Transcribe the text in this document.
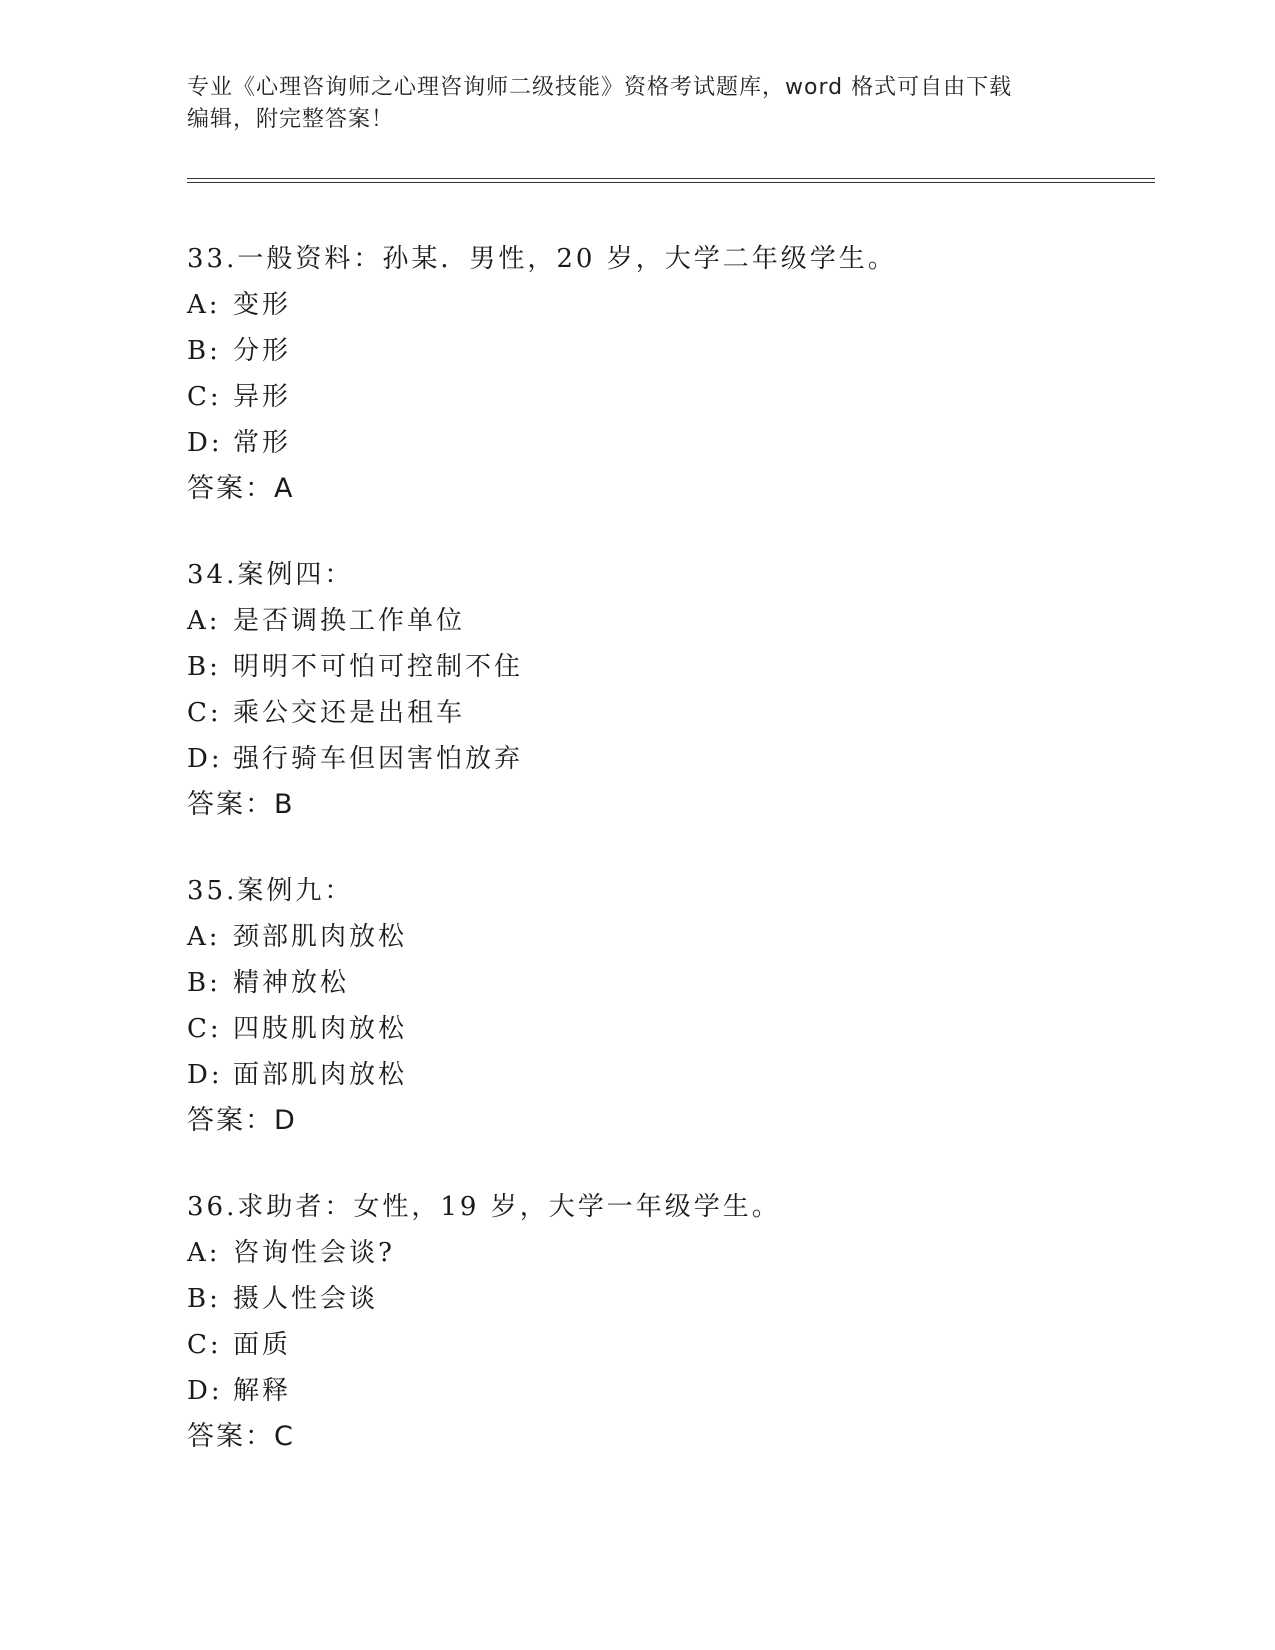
专业《心理咨询师之心理咨询师二级技能》资格考试题库，word 格式可自由下载
编辑，附完整答案！
33.一般资料：孙某．男性，20 岁，大学二年级学生。
A: 变形
B: 分形
C: 异形
D: 常形
答案：A
34.案例四：
A: 是否调换工作单位
B: 明明不可怕可控制不住
C: 乘公交还是出租车
D: 强行骑车但因害怕放弃
答案：B
35.案例九：
A: 颈部肌肉放松
B: 精神放松
C: 四肢肌肉放松
D: 面部肌肉放松
答案：D
36.求助者：女性，19 岁，大学一年级学生。
A: 咨询性会谈?
B: 摄人性会谈
C: 面质
D: 解释
答案：C
